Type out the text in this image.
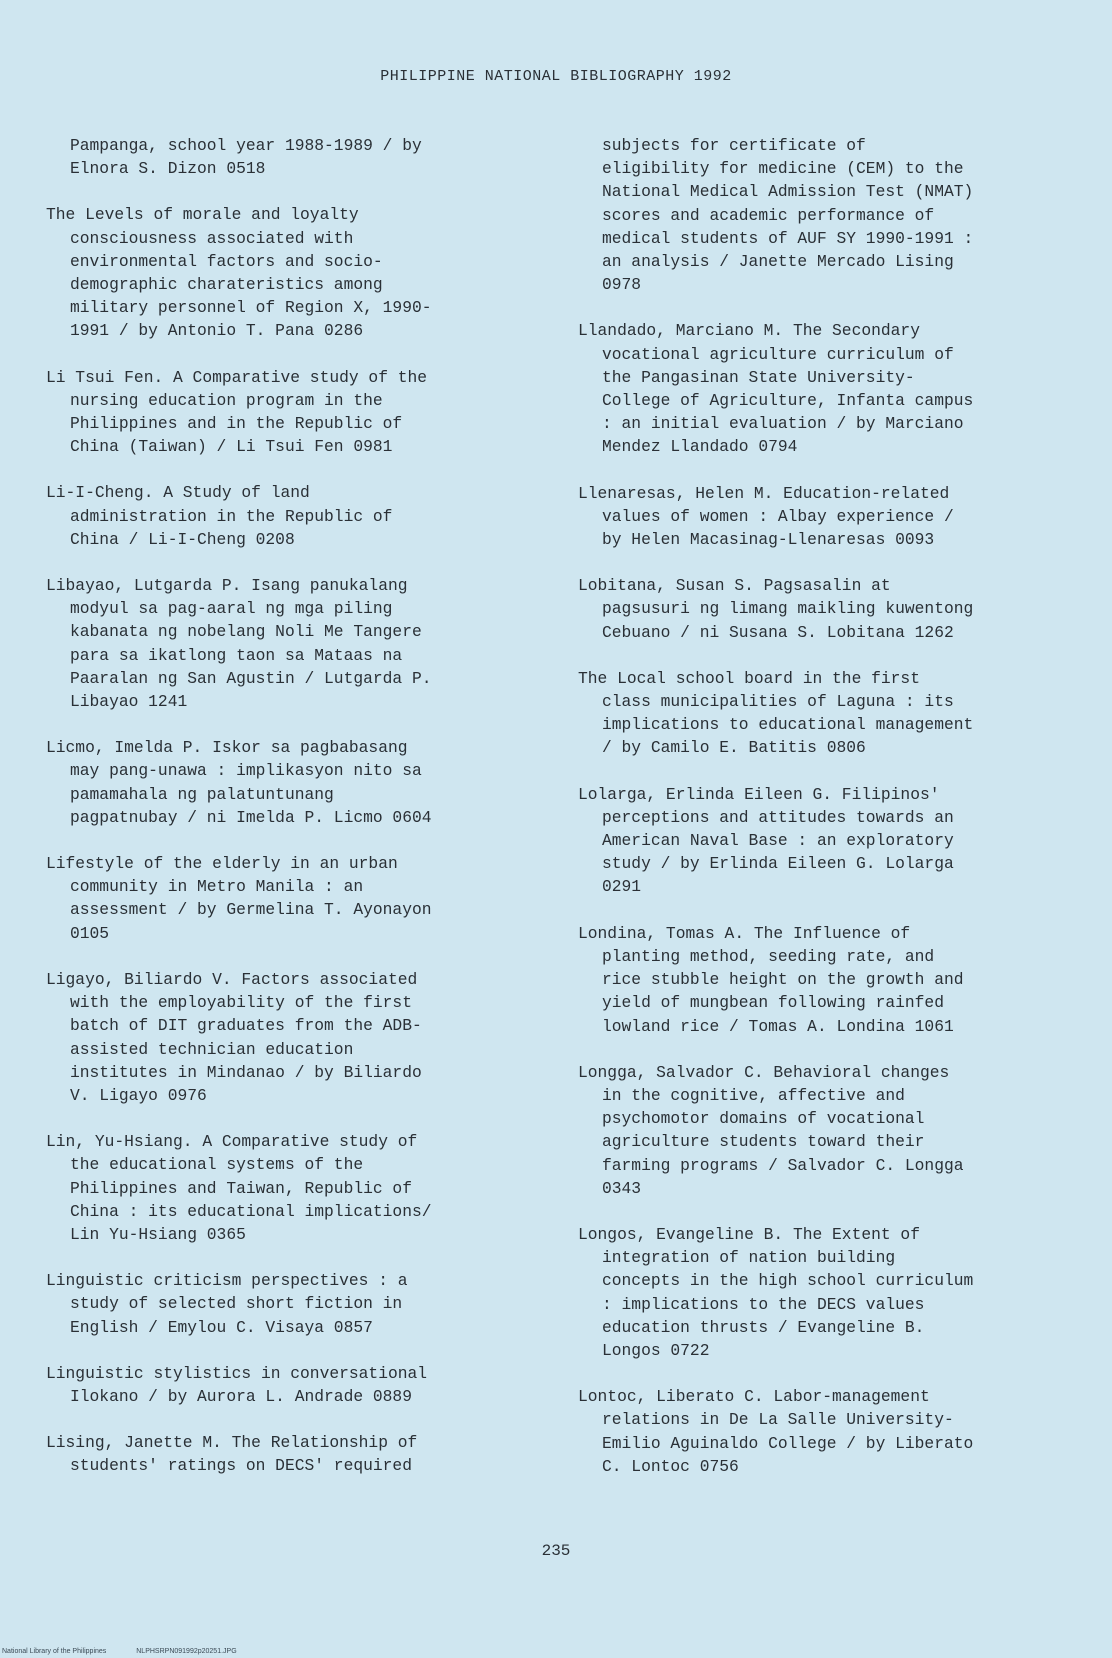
PHILIPPINE NATIONAL BIBLIOGRAPHY 1992
Pampanga, school year 1988-1989 / by
Elnora S. Dizon 0518
The Levels of morale and loyalty
consciousness associated with
environmental factors and socio-
demographic charateristics among
military personnel of Region X, 1990-
1991 / by Antonio T. Pana 0286
Li Tsui Fen. A Comparative study of the
nursing education program in the
Philippines and in the Republic of
China (Taiwan) / Li Tsui Fen 0981
Li-I-Cheng. A Study of land
administration in the Republic of
China / Li-I-Cheng 0208
Libayao, Lutgarda P. Isang panukalang
modyul sa pag-aaral ng mga piling
kabanata ng nobelang Noli Me Tangere
para sa ikatlong taon sa Mataas na
Paaralan ng San Agustin / Lutgarda P.
Libayao 1241
Licmo, Imelda P. Iskor sa pagbabasang
may pang-unawa : implikasyon nito sa
pamamahala ng palatuntunang
pagpatnubay / ni Imelda P. Licmo 0604
Lifestyle of the elderly in an urban
community in Metro Manila : an
assessment / by Germelina T. Ayonayon
0105
Ligayo, Biliardo V. Factors associated
with the employability of the first
batch of DIT graduates from the ADB-
assisted technician education
institutes in Mindanao / by Biliardo
V. Ligayo 0976
Lin, Yu-Hsiang. A Comparative study of
the educational systems of the
Philippines and Taiwan, Republic of
China : its educational implications/
Lin Yu-Hsiang 0365
Linguistic criticism perspectives : a
study of selected short fiction in
English / Emylou C. Visaya 0857
Linguistic stylistics in conversational
Ilokano / by Aurora L. Andrade 0889
Lising, Janette M. The Relationship of
students' ratings on DECS' required
subjects for certificate of
eligibility for medicine (CEM) to the
National Medical Admission Test (NMAT)
scores and academic performance of
medical students of AUF SY 1990-1991 :
an analysis / Janette Mercado Lising
0978
Llandado, Marciano M. The Secondary
vocational agriculture curriculum of
the Pangasinan State University-
College of Agriculture, Infanta campus
: an initial evaluation / by Marciano
Mendez Llandado 0794
Llenaresas, Helen M. Education-related
values of women : Albay experience /
by Helen Macasinag-Llenaresas 0093
Lobitana, Susan S. Pagsasalin at
pagsusuri ng limang maikling kuwentong
Cebuano / ni Susana S. Lobitana 1262
The Local school board in the first
class municipalities of Laguna : its
implications to educational management
/ by Camilo E. Batitis 0806
Lolarga, Erlinda Eileen G. Filipinos'
perceptions and attitudes towards an
American Naval Base : an exploratory
study / by Erlinda Eileen G. Lolarga
0291
Londina, Tomas A. The Influence of
planting method, seeding rate, and
rice stubble height on the growth and
yield of mungbean following rainfed
lowland rice / Tomas A. Londina 1061
Longga, Salvador C. Behavioral changes
in the cognitive, affective and
psychomotor domains of vocational
agriculture students toward their
farming programs / Salvador C. Longga
0343
Longos, Evangeline B. The Extent of
integration of nation building
concepts in the high school curriculum
: implications to the DECS values
education thrusts / Evangeline B.
Longos 0722
Lontoc, Liberato C. Labor-management
relations in De La Salle University-
Emilio Aguinaldo College / by Liberato
C. Lontoc 0756
235
National Library of the Philippines	NLPHSRPN091992p20251.JPG
